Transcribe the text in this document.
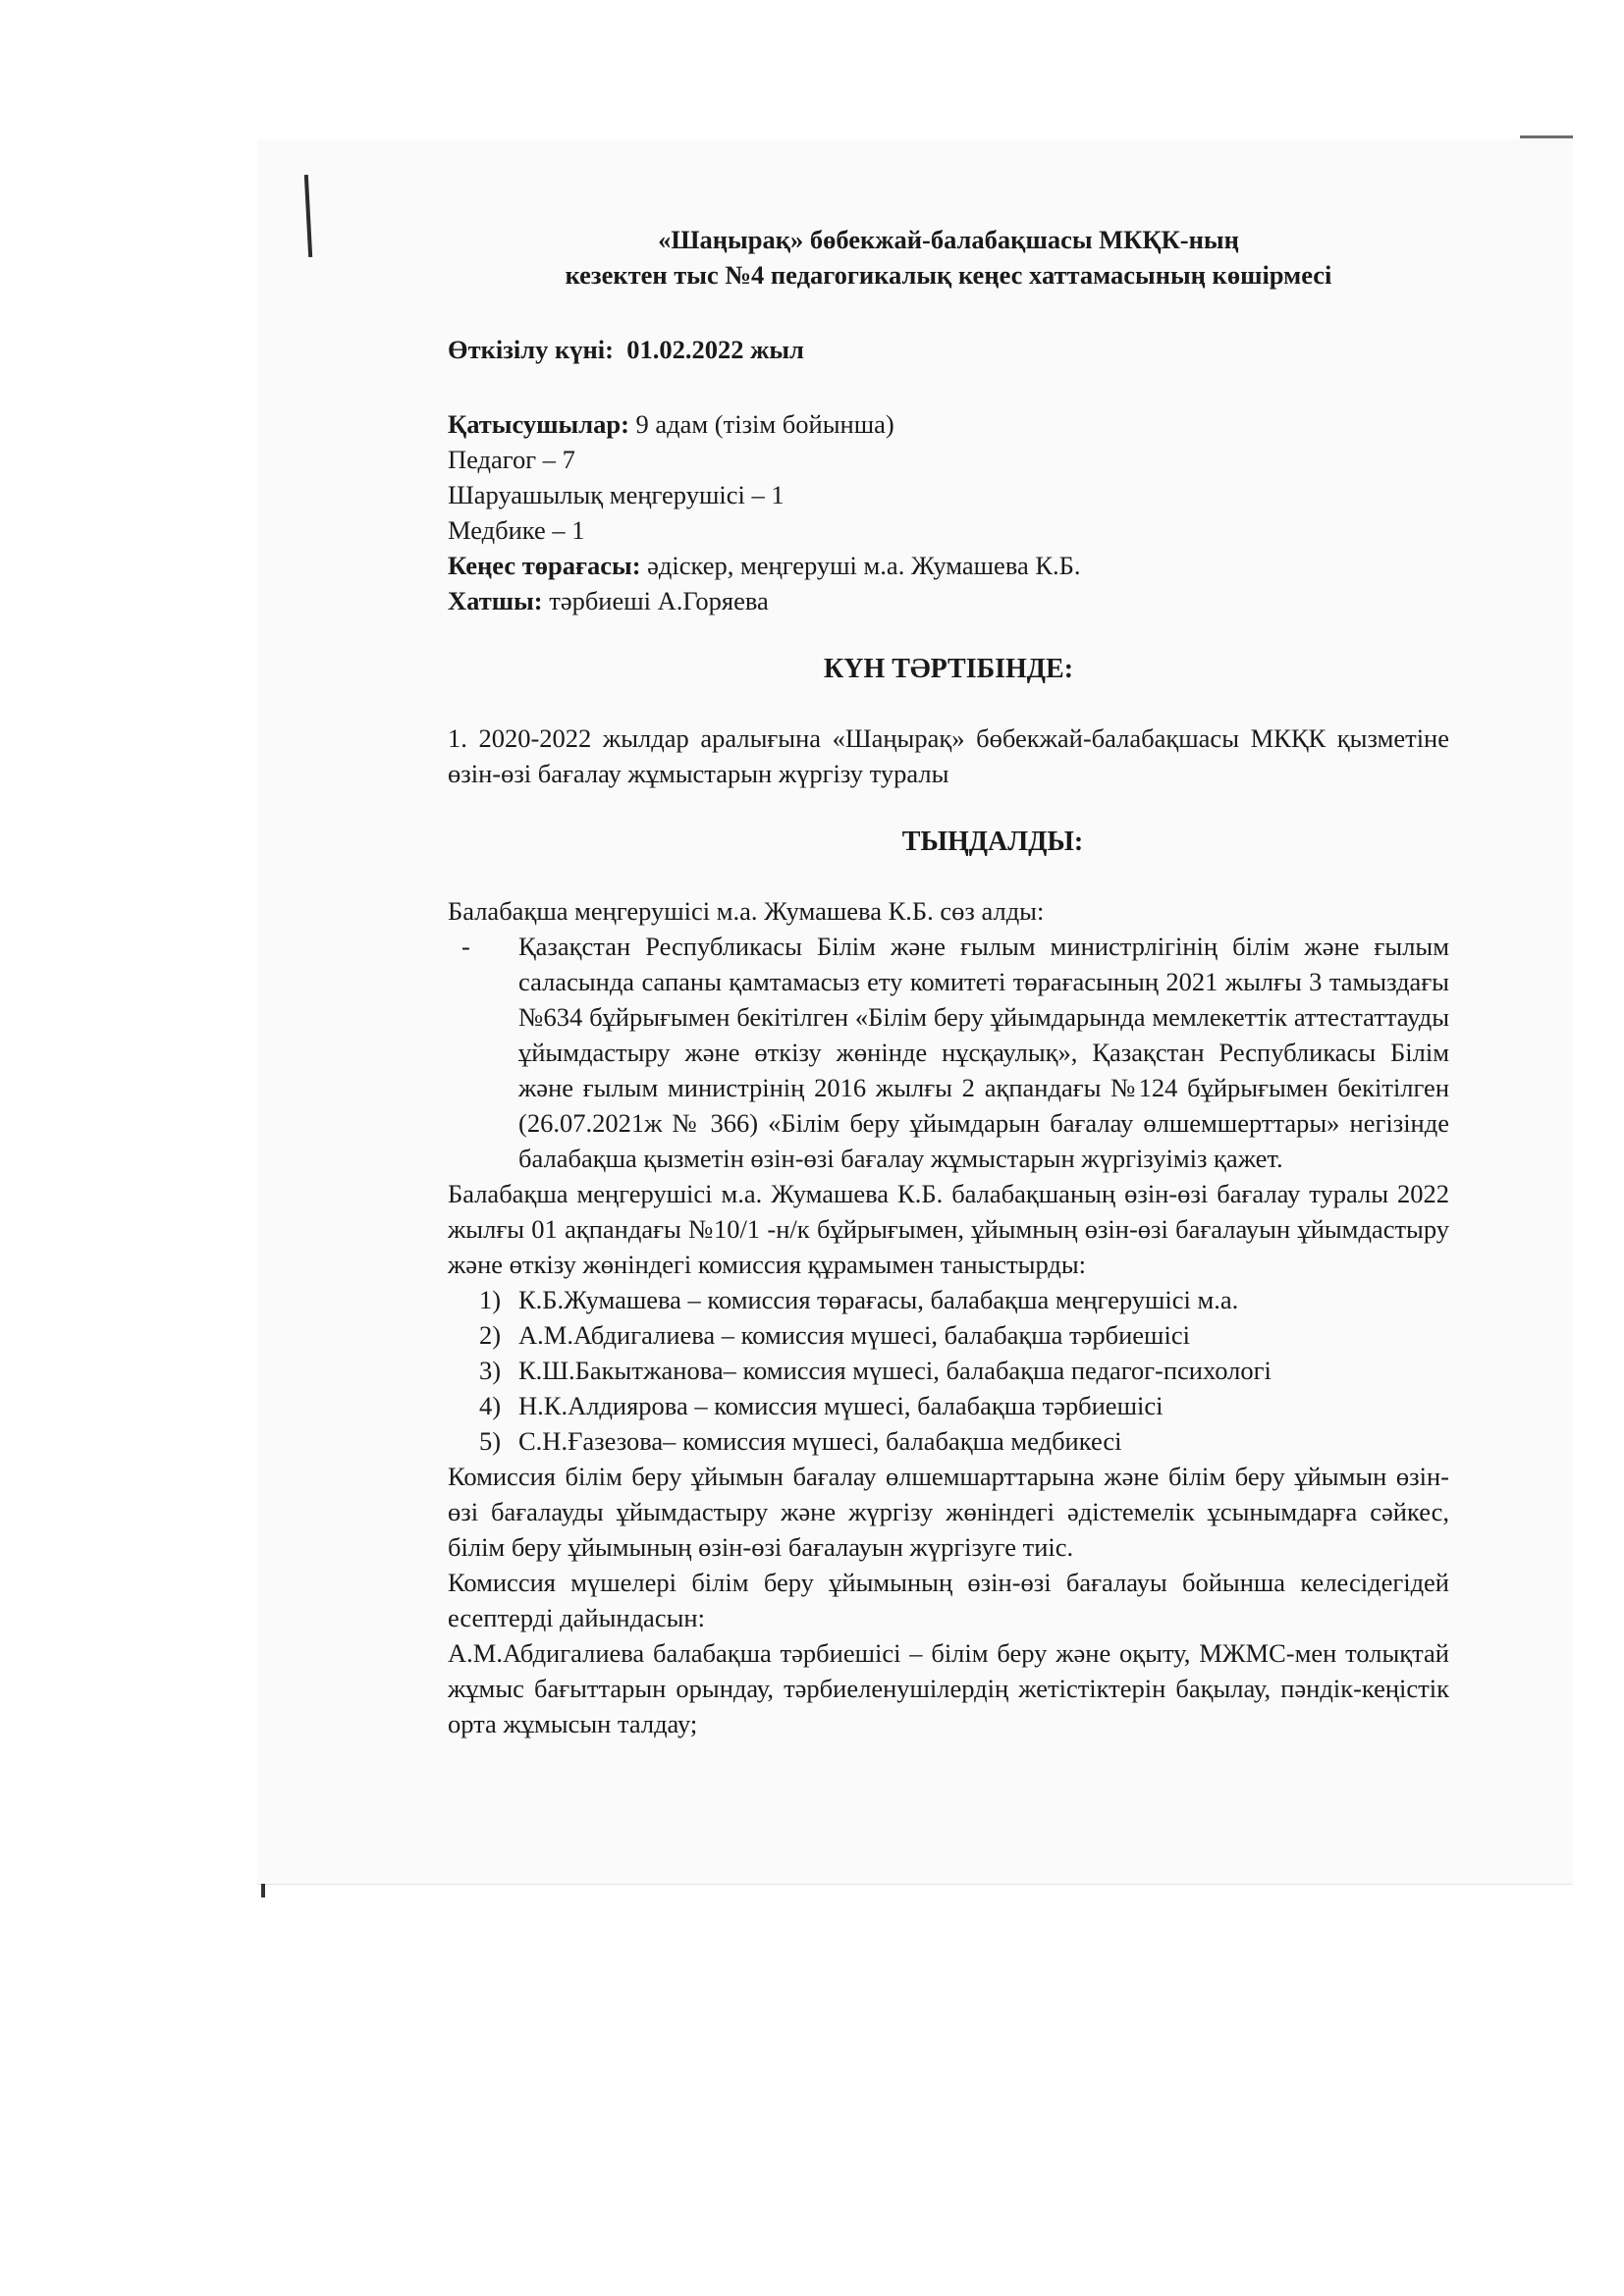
«Шаңырақ» бөбекжай-балабақшасы МКҚК-ның

кезектен тыс №4 педагогикалық кеңес хаттамасының көшірмесі

Өткізілу күні: 01.02.2022 жыл

Қатысушылар: 9 адам (тізім бойынша)

Педагог – 7

Шаруашылық меңгерушісі – 1

Медбике – 1

Кеңес төрағасы: әдіскер, меңгеруші м.а. Жумашева К.Б.

Хатшы: тәрбиеші А.Горяева

КҮН ТӘРТІБІНДЕ:

1. 2020-2022 жылдар аралығына «Шаңырақ» бөбекжай-балабақшасы МКҚК қызметіне өзін-өзі бағалау жұмыстарын жүргізу туралы

ТЫҢДАЛДЫ:

Балабақша меңгерушісі м.а. Жумашева К.Б. сөз алды:

- Қазақстан Республикасы Білім және ғылым министрлігінің білім және ғылым саласында сапаны қамтамасыз ету комитеті төрағасының 2021 жылғы 3 тамыздағы №634 бұйрығымен бекітілген «Білім беру ұйымдарында мемлекеттік аттестаттауды ұйымдастыру және өткізу жөнінде нұсқаулық», Қазақстан Республикасы Білім және ғылым министрінің 2016 жылғы 2 ақпандағы №124 бұйрығымен бекітілген (26.07.2021ж № 366) «Білім беру ұйымдарын бағалау өлшемшерттары» негізінде балабақша қызметін өзін-өзі бағалау жұмыстарын жүргізуіміз қажет.

Балабақша меңгерушісі м.а. Жумашева К.Б. балабақшаның өзін-өзі бағалау туралы 2022 жылғы 01 ақпандағы №10/1 -н/к бұйрығымен, ұйымның өзін-өзі бағалауын ұйымдастыру және өткізу жөніндегі комиссия құрамымен таныстырды:

1) К.Б.Жумашева – комиссия төрағасы, балабақша меңгерушісі м.а.

2) А.М.Абдигалиева – комиссия мүшесі, балабақша тәрбиешісі

3) К.Ш.Бакытжанова– комиссия мүшесі, балабақша педагог-психологі

4) Н.К.Алдиярова – комиссия мүшесі, балабақша тәрбиешісі

5) С.Н.Ғазезова– комиссия мүшесі, балабақша медбикесі

Комиссия білім беру ұйымын бағалау өлшемшарттарына және білім беру ұйымын өзін-өзі бағалауды ұйымдастыру және жүргізу жөніндегі әдістемелік ұсынымдарға сәйкес, білім беру ұйымының өзін-өзі бағалауын жүргізуге тиіс.

Комиссия мүшелері білім беру ұйымының өзін-өзі бағалауы бойынша келесідегідей есептерді дайындасын:

А.М.Абдигалиева балабақша тәрбиешісі – білім беру және оқыту, МЖМС-мен толықтай жұмыс бағыттарын орындау, тәрбиеленушілердің жетістіктерін бақылау, пәндік-кеңістік орта жұмысын талдау;
